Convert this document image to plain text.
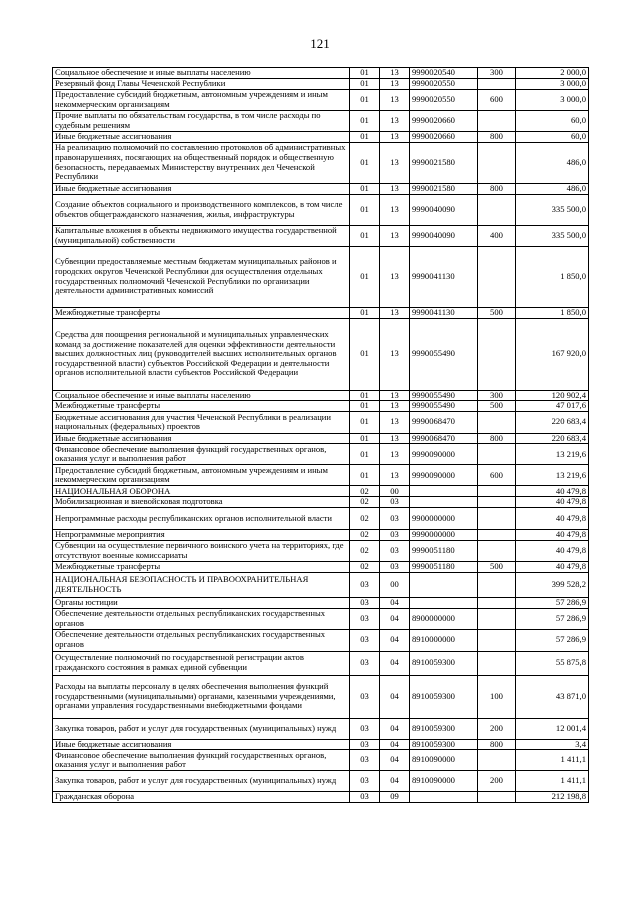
121
Социальное обеспечение и иные выплаты населению	01	13	9990020540	300	2 000,0
Резервный фонд Главы Чеченской Республики	01	13	9990020550		3 000,0
Предоставление субсидий бюджетным, автономным учреждениям и иным некоммерческим организациям	01	13	9990020550	600	3 000,0
Прочие выплаты по обязательствам государства, в том числе расходы по судебным решениям	01	13	9990020660		60,0
Иные бюджетные ассигнования	01	13	9990020660	800	60,0
На реализацию полномочий по составлению протоколов об административных правонарушениях, посягающих на общественный порядок и общественную безопасность, передаваемых Министерству внутренних дел Чеченской Республики	01	13	9990021580		486,0
Иные бюджетные ассигнования	01	13	9990021580	800	486,0
Создание объектов социального и производственного комплексов, в том числе объектов общегражданского назначения, жилья, инфраструктуры	01	13	9990040090		335 500,0
Капитальные вложения в объекты недвижимого имущества государственной (муниципальной) собственности	01	13	9990040090	400	335 500,0
Субвенции предоставляемые местным бюджетам муниципальных районов и городских округов Чеченской Республики для осуществления отдельных государственных полномочий Чеченской Республики по организации деятельности административных комиссий	01	13	9990041130		1 850,0
Межбюджетные трансферты	01	13	9990041130	500	1 850,0
Средства для поощрения региональной и муниципальных управленческих команд за достижение показателей для оценки эффективности деятельности высших должностных лиц (руководителей высших исполнительных органов государственной власти) субъектов Российской Федерации и деятельности органов исполнительной власти субъектов Российской Федерации	01	13	9990055490		167 920,0
Социальное обеспечение и иные выплаты населению	01	13	9990055490	300	120 902,4
Межбюджетные трансферты	01	13	9990055490	500	47 017,6
Бюджетные ассигнования для участия Чеченской Республики в реализации национальных (федеральных) проектов	01	13	9990068470		220 683,4
Иные бюджетные ассигнования	01	13	9990068470	800	220 683,4
Финансовое обеспечение выполнения функций государственных органов, оказания услуг и выполнения работ	01	13	9990090000		13 219,6
Предоставление субсидий бюджетным, автономным учреждениям и иным некоммерческим организациям	01	13	9990090000	600	13 219,6
НАЦИОНАЛЬНАЯ ОБОРОНА	02	00			40 479,8
Мобилизационная и вневойсковая подготовка	02	03			40 479,8
Непрограммные расходы республиканских органов исполнительной власти	02	03	9900000000		40 479,8
Непрограммные мероприятия	02	03	9990000000		40 479,8
Субвенции на осуществление первичного воинского учета на территориях, где отсутствуют военные комиссариаты	02	03	9990051180		40 479,8
Межбюджетные трансферты	02	03	9990051180	500	40 479,8
НАЦИОНАЛЬНАЯ БЕЗОПАСНОСТЬ И ПРАВООХРАНИТЕЛЬНАЯ ДЕЯТЕЛЬНОСТЬ	03	00			399 528,2
Органы юстиции	03	04			57 286,9
Обеспечение деятельности отдельных республиканских государственных органов	03	04	8900000000		57 286,9
Обеспечение деятельности отдельных республиканских государственных органов	03	04	8910000000		57 286,9
Осуществление полномочий по государственной регистрации актов гражданского состояния в рамках единой субвенции	03	04	8910059300		55 875,8
Расходы на выплаты персоналу в целях обеспечения выполнения функций государственными (муниципальными) органами, казенными учреждениями, органами управления государственными внебюджетными фондами	03	04	8910059300	100	43 871,0
Закупка товаров, работ и услуг для государственных (муниципальных) нужд	03	04	8910059300	200	12 001,4
Иные бюджетные ассигнования	03	04	8910059300	800	3,4
Финансовое обеспечение выполнения функций государственных органов, оказания услуг и выполнения работ	03	04	8910090000		1 411,1
Закупка товаров, работ и услуг для государственных (муниципальных) нужд	03	04	8910090000	200	1 411,1
Гражданская оборона	03	09			212 198,8
